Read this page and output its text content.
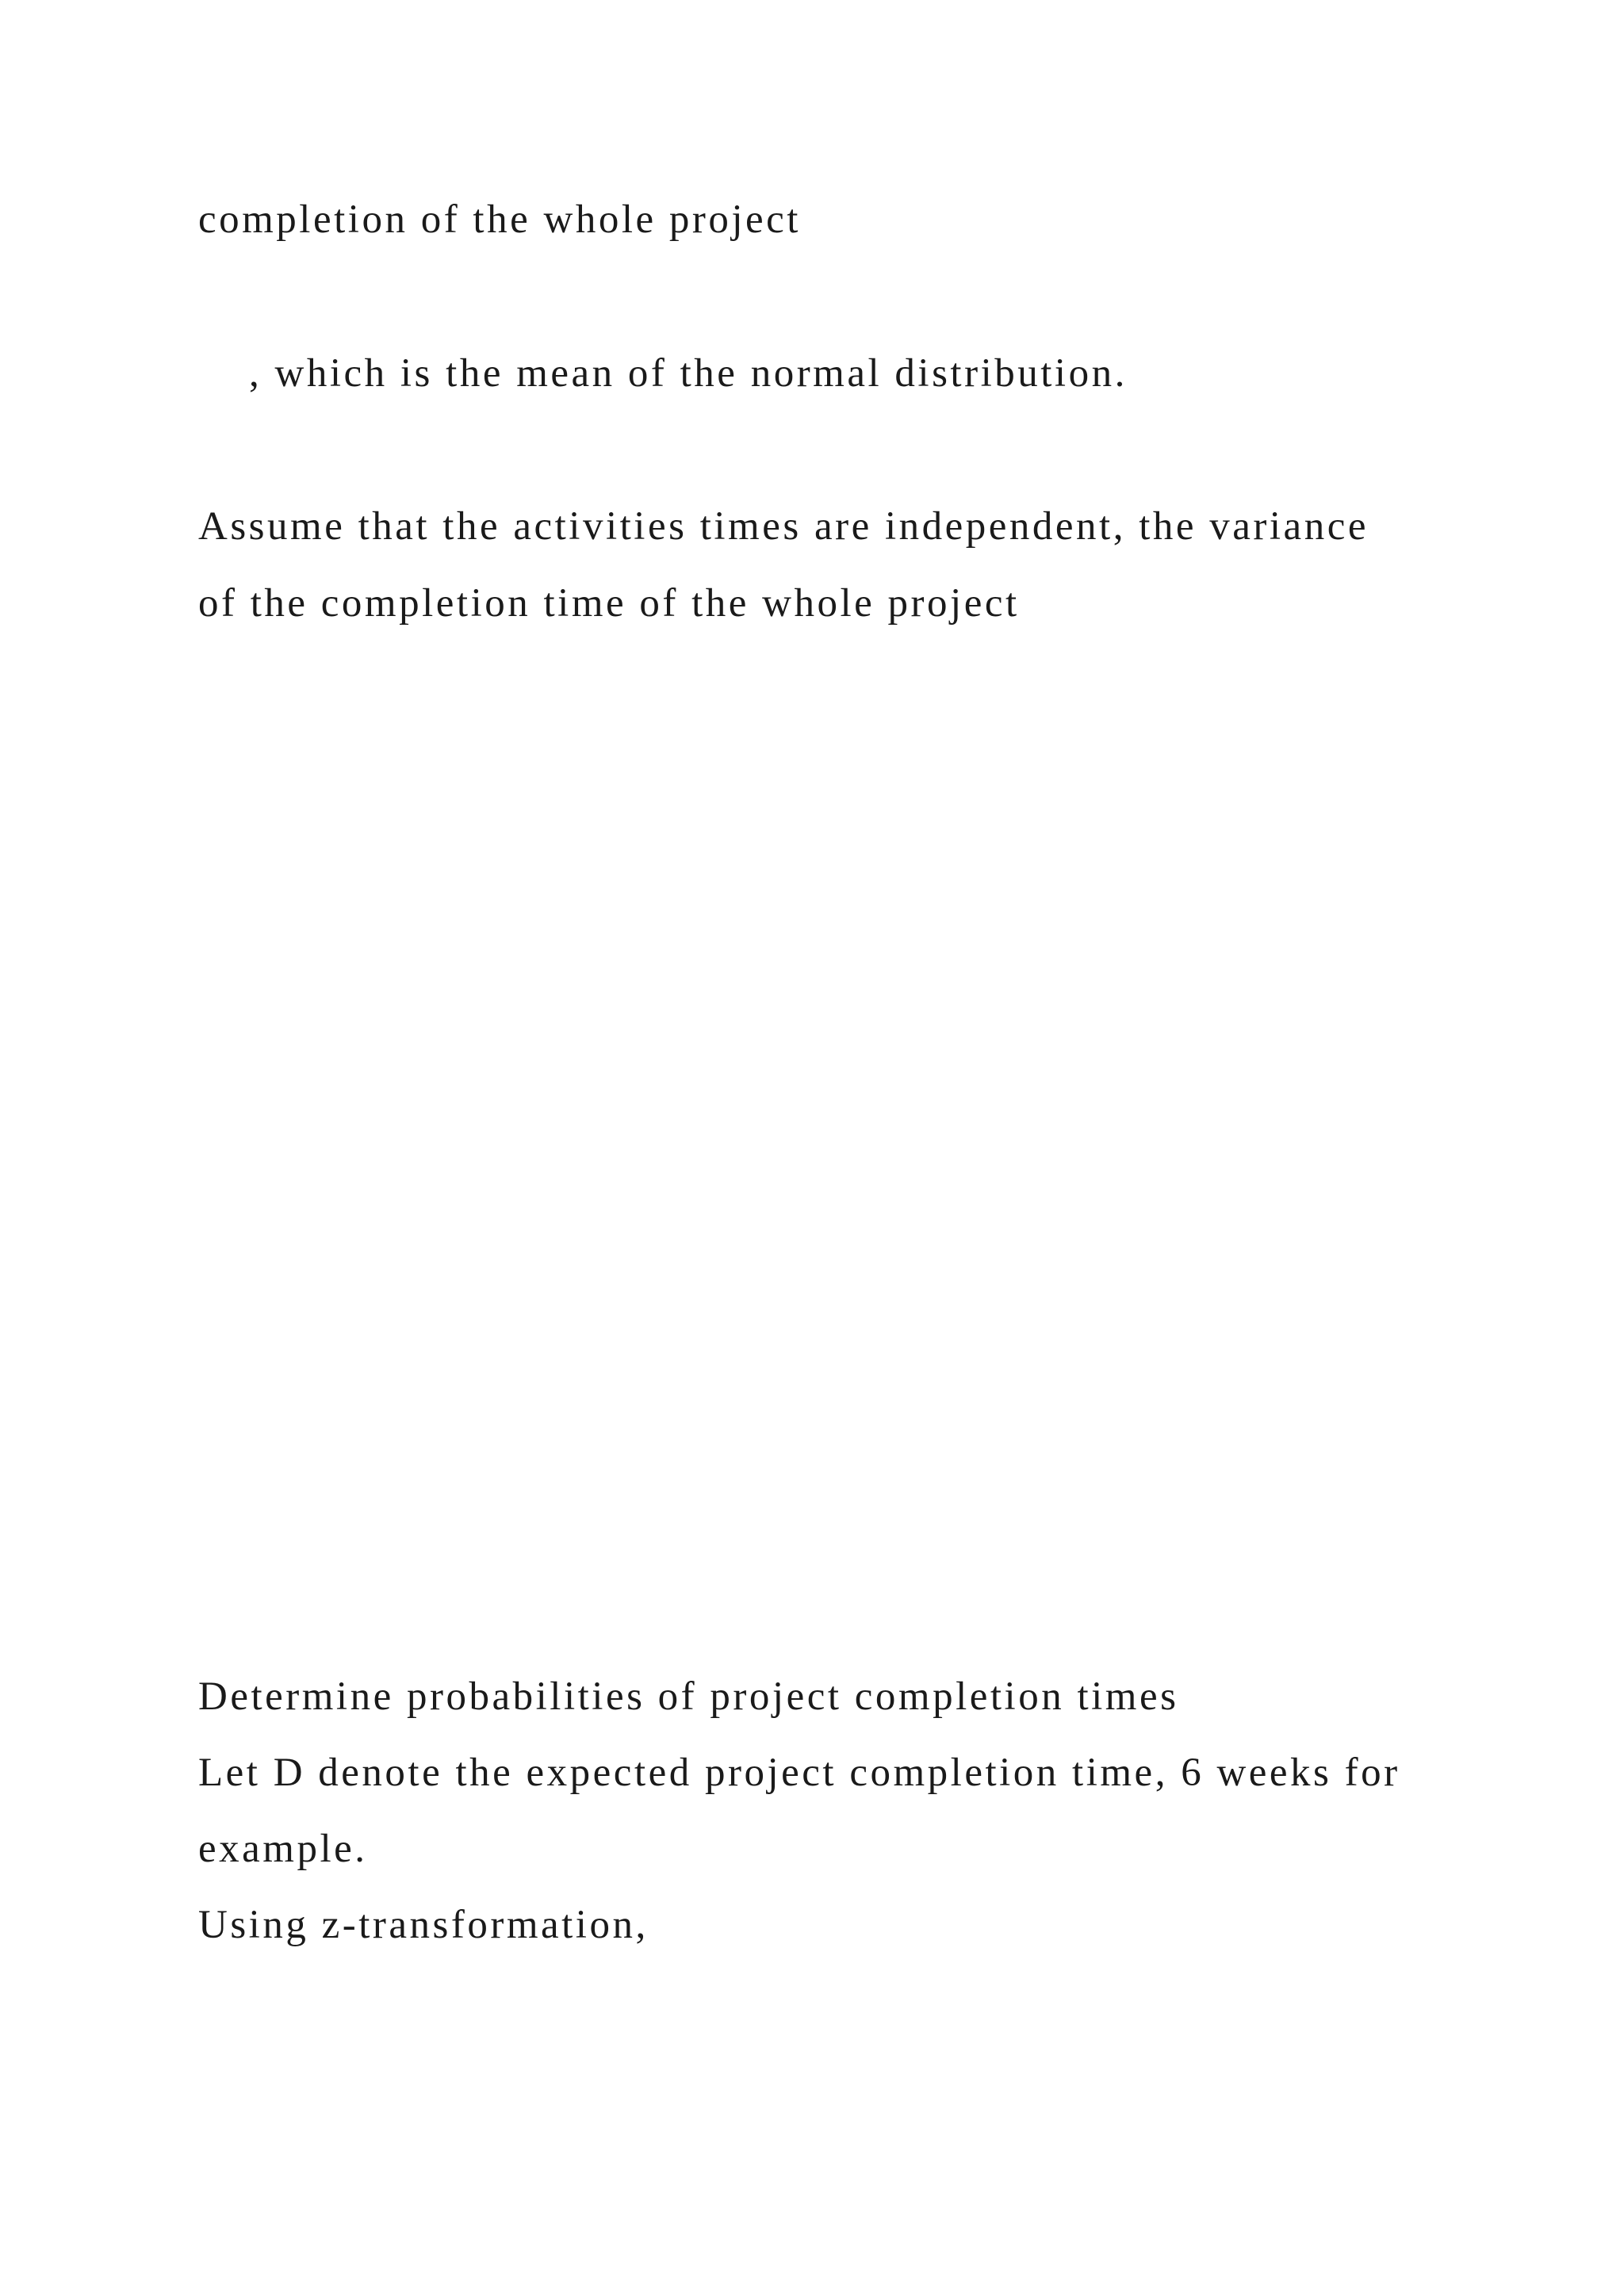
completion of the whole project

, which is the mean of the normal distribution.

Assume that the activities times are independent, the variance

of the completion time of the whole project

Determine probabilities of project completion times

Let D denote the expected project completion time, 6 weeks for

example.

Using z-transformation,
